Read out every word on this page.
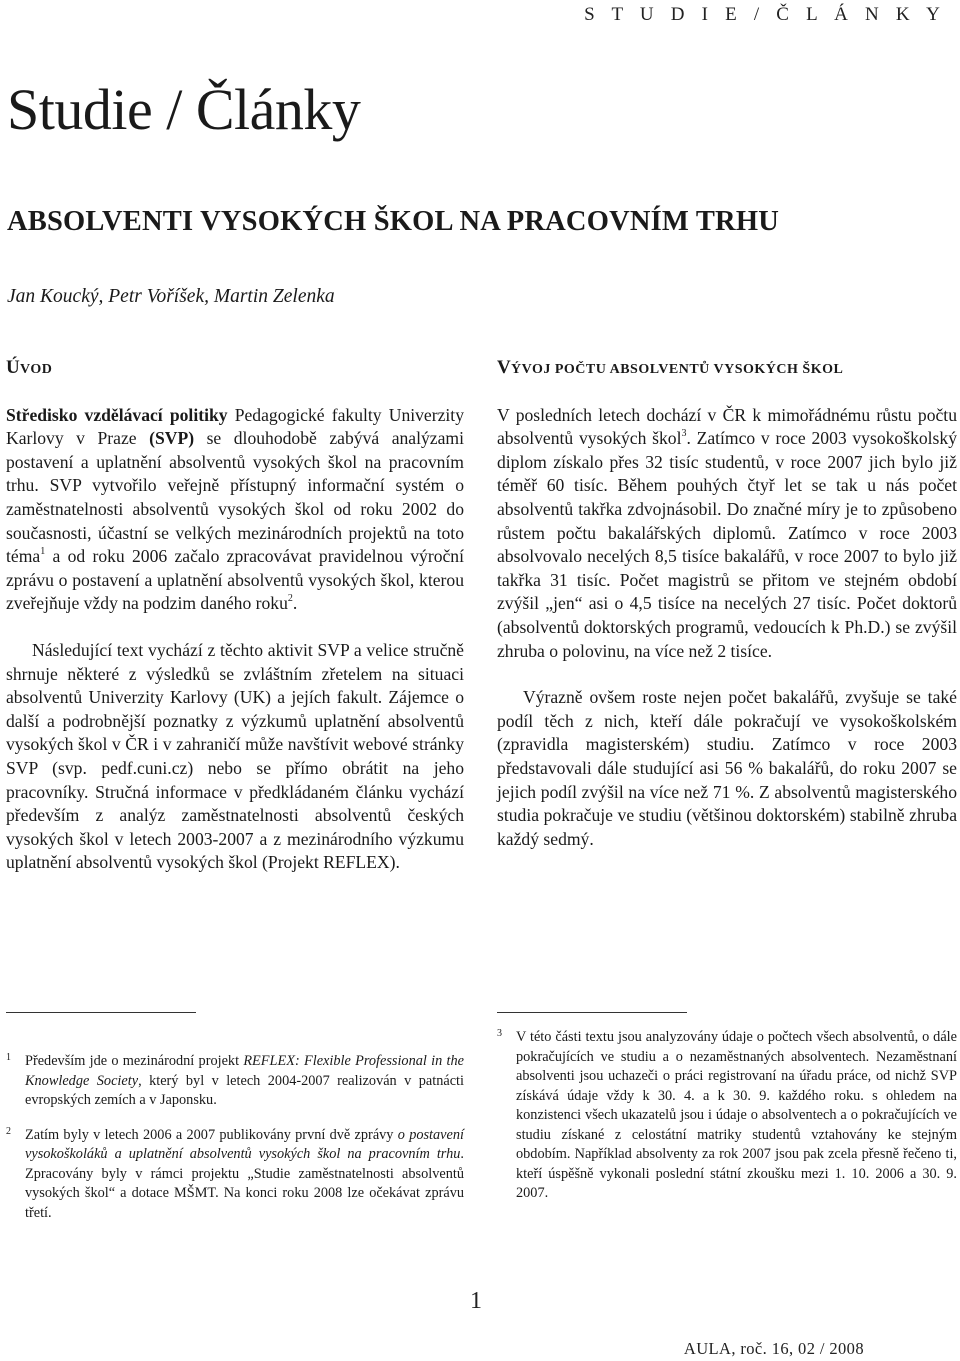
S T U D I E / Č L Á N K Y
Studie / Články
ABSOLVENTI VYSOKÝCH ŠKOL NA PRACOVNÍM TRHU
Jan Koucký, Petr Voříšek, Martin Zelenka
ÚVOD

Středisko vzdělávací politiky Pedagogické fakulty Univerzity Karlovy v Praze (SVP) se dlouhodobě zabývá analýzami postavení a uplatnění absolventů vysokých škol na pracovním trhu. SVP vytvořilo veřejně přístupný informační systém o zaměstnatelnosti absolventů vysokých škol od roku 2002 do současnosti, účastní se velkých mezinárodních projektů na toto téma$^1$ a od roku 2006 začalo zpracovávat pravidelnou výroční zprávu o postavení a uplatnění absolventů vysokých škol, kterou zveřejňuje vždy na podzim daného roku$^2$.

Následující text vychází z těchto aktivit SVP a velice stručně shrnuje některé z výsledků se zvláštním zřetelem na situaci absolventů Univerzity Karlovy (UK) a jejích fakult. Zájemce o další a podrobnější poznatky z výzkumů uplatnění absolventů vysokých škol v ČR i v zahraničí může navštívit webové stránky SVP (svp. pedf.cuni.cz) nebo se přímo obrátit na jeho pracovníky. Stručná informace v předkládaném článku vychází především z analýz zaměstnatelnosti absolventů českých vysokých škol v letech 2003-2007 a z mezinárodního výzkumu uplatnění absolventů vysokých škol (Projekt REFLEX).

VÝVOJ POČTU ABSOLVENTŮ VYSOKÝCH ŠKOL

V posledních letech dochází v ČR k mimořádnému růstu počtu absolventů vysokých škol$^3$. Zatímco v roce 2003 vysokoškolský diplom získalo přes 32 tisíc studentů, v roce 2007 jich bylo již téměř 60 tisíc. Během pouhých čtyř let se tak u nás počet absolventů takřka zdvojnásobil. Do značné míry je to způsobeno růstem počtu bakalářských diplomů. Zatímco v roce 2003 absolvovalo necelých 8,5 tisíce bakalářů, v roce 2007 to bylo již takřka 31 tisíc. Počet magistrů se přitom ve stejném období zvýšil „jen“ asi o 4,5 tisíce na necelých 27 tisíc. Počet doktorů (absolventů doktorských programů, vedoucích k Ph.D.) se zvýšil zhruba o polovinu, na více než 2 tisíce.

Výrazně ovšem roste nejen počet bakalářů, zvyšuje se také podíl těch z nich, kteří dále pokračují ve vysokoškolském (zpravidla magisterském) studiu. Zatímco v roce 2003 představovali dále studující asi 56 % bakalářů, do roku 2007 se jejich podíl zvýšil na více než 71 %. Z absolventů magisterského studia pokračuje ve studiu (většinou doktorském) stabilně zhruba každý sedmý.

1 Především jde o mezinárodní projekt REFLEX: Flexible Professional in the Knowledge Society, který byl v letech 2004-2007 realizován v patnácti evropských zemích a v Japonsku.
2 Zatím byly v letech 2006 a 2007 publikovány první dvě zprávy o postavení vysokoškoláků a uplatnění absolventů vysokých škol na pracovním trhu. Zpracovány byly v rámci projektu „Studie zaměstnatelnosti absolventů vysokých škol“ a dotace MŠMT. Na konci roku 2008 lze očekávat zprávu třetí.
3 V této části textu jsou analyzovány údaje o počtech všech absolventů, o dále pokračujících ve studiu a o nezaměstnaných absolventech. Nezaměstnaní absolventi jsou uchazeči o práci registrovaní na úřadu práce, od nichž SVP získává údaje vždy k 30. 4. a k 30. 9. každého roku. s ohledem na konzistenci všech ukazatelů jsou i údaje o absolventech a o pokračujících ve studiu získané z celostátní matriky studentů vztahovány ke stejným obdobím. Například absolventy za rok 2007 jsou pak zcela přesně řečeno ti, kteří úspěšně vykonali poslední státní zkoušku mezi 1. 10. 2006 a 30. 9. 2007.
1
AULA, roč. 16, 02 / 2008
